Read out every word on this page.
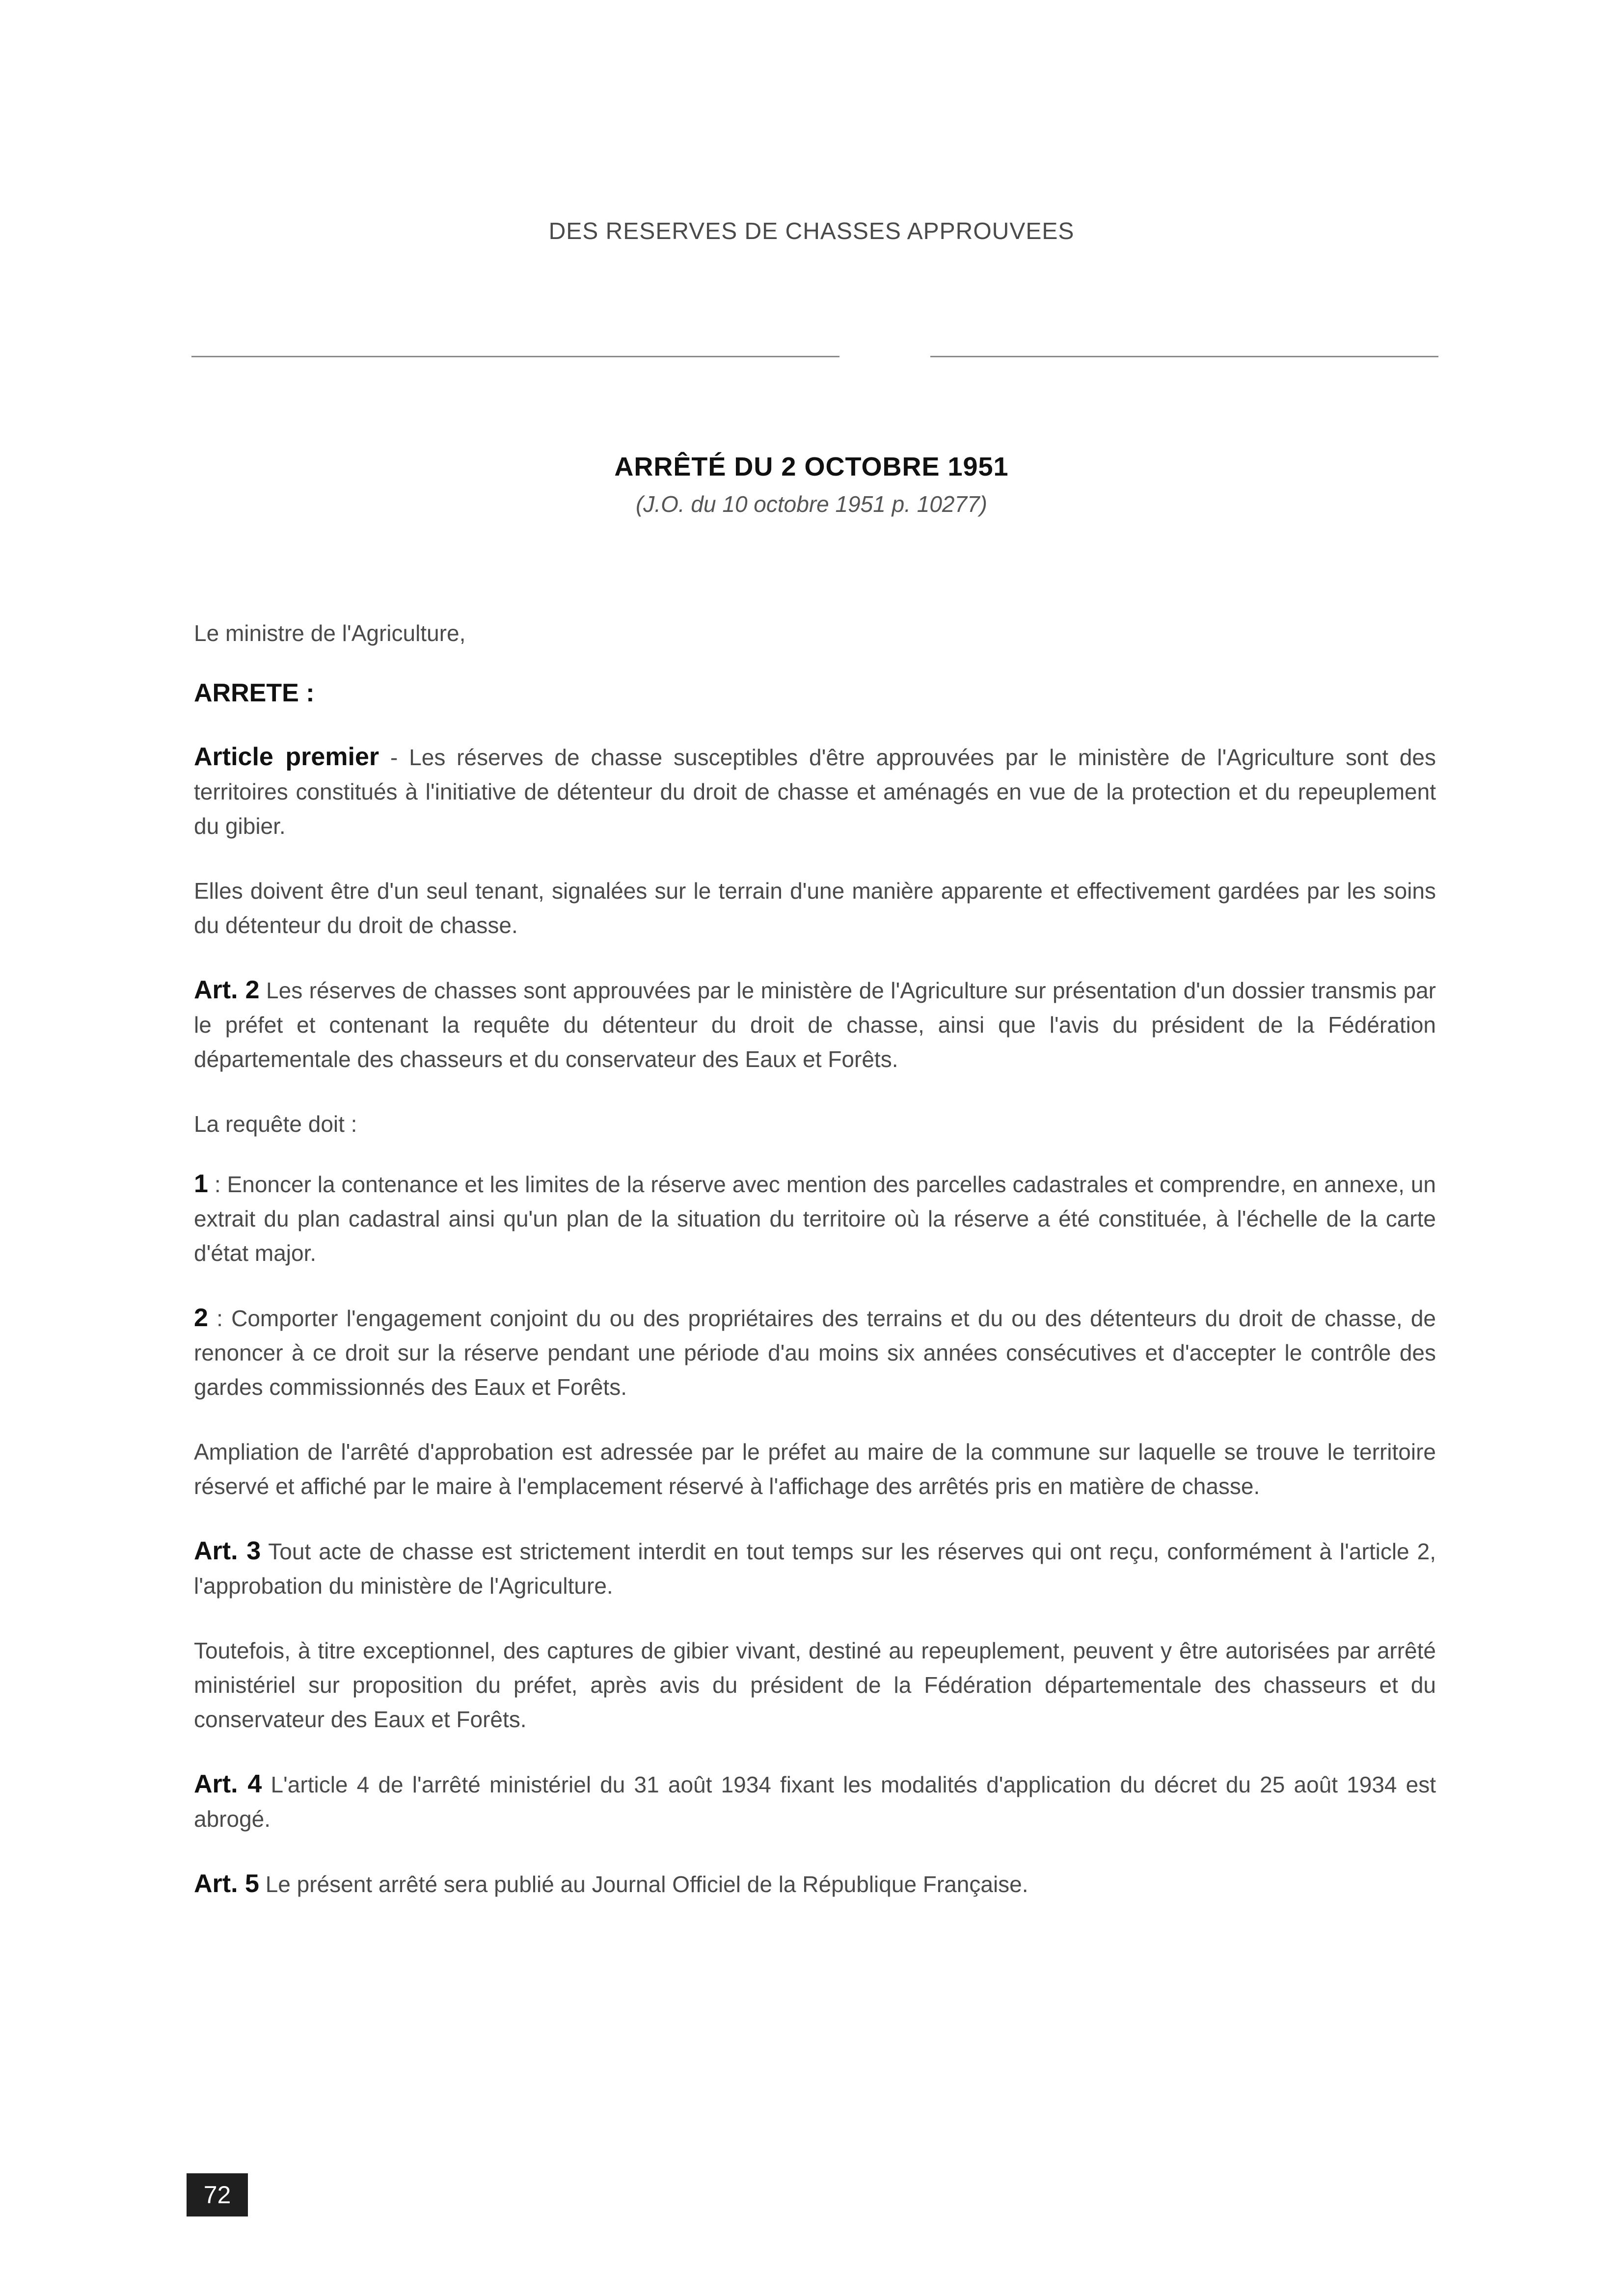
DES RESERVES DE CHASSES APPROUVEES
ARRÊTÉ DU 2 OCTOBRE 1951
(J.O. du 10 octobre 1951 p. 10277)

Le ministre de l'Agriculture,

ARRETE :

Article premier - Les réserves de chasse susceptibles d'être approuvées par le ministère de l'Agriculture sont des territoires constitués à l'initiative de détenteur du droit de chasse et aménagés en vue de la protection et du repeuplement du gibier.

Elles doivent être d'un seul tenant, signalées sur le terrain d'une manière apparente et effectivement gardées par les soins du détenteur du droit de chasse.

Art. 2 Les réserves de chasses sont approuvées par le ministère de l'Agriculture sur présentation d'un dossier transmis par le préfet et contenant la requête du détenteur du droit de chasse, ainsi que l'avis du président de la Fédération départementale des chasseurs et du conservateur des Eaux et Forêts.

La requête doit :

1 : Enoncer la contenance et les limites de la réserve avec mention des parcelles cadastrales et comprendre, en annexe, un extrait du plan cadastral ainsi qu'un plan de la situation du territoire où la réserve a été constituée, à l'échelle de la carte d'état major.

2 : Comporter l'engagement conjoint du ou des propriétaires des terrains et du ou des détenteurs du droit de chasse, de renoncer à ce droit sur la réserve pendant une période d'au moins six années consécutives et d'accepter le contrôle des gardes commissionnés des Eaux et Forêts.

Ampliation de l'arrêté d'approbation est adressée par le préfet au maire de la commune sur laquelle se trouve le territoire réservé et affiché par le maire à l'emplacement réservé à l'affichage des arrêtés pris en matière de chasse.

Art. 3 Tout acte de chasse est strictement interdit en tout temps sur les réserves qui ont reçu, conformément à l'article 2, l'approbation du ministère de l'Agriculture.

Toutefois, à titre exceptionnel, des captures de gibier vivant, destiné au repeuplement, peuvent y être autorisées par arrêté ministériel sur proposition du préfet, après avis du président de la Fédération départementale des chasseurs et du conservateur des Eaux et Forêts.

Art. 4 L'article 4 de l'arrêté ministériel du 31 août 1934 fixant les modalités d'application du décret du 25 août 1934 est abrogé.

Art. 5 Le présent arrêté sera publié au Journal Officiel de la République Française.

72
